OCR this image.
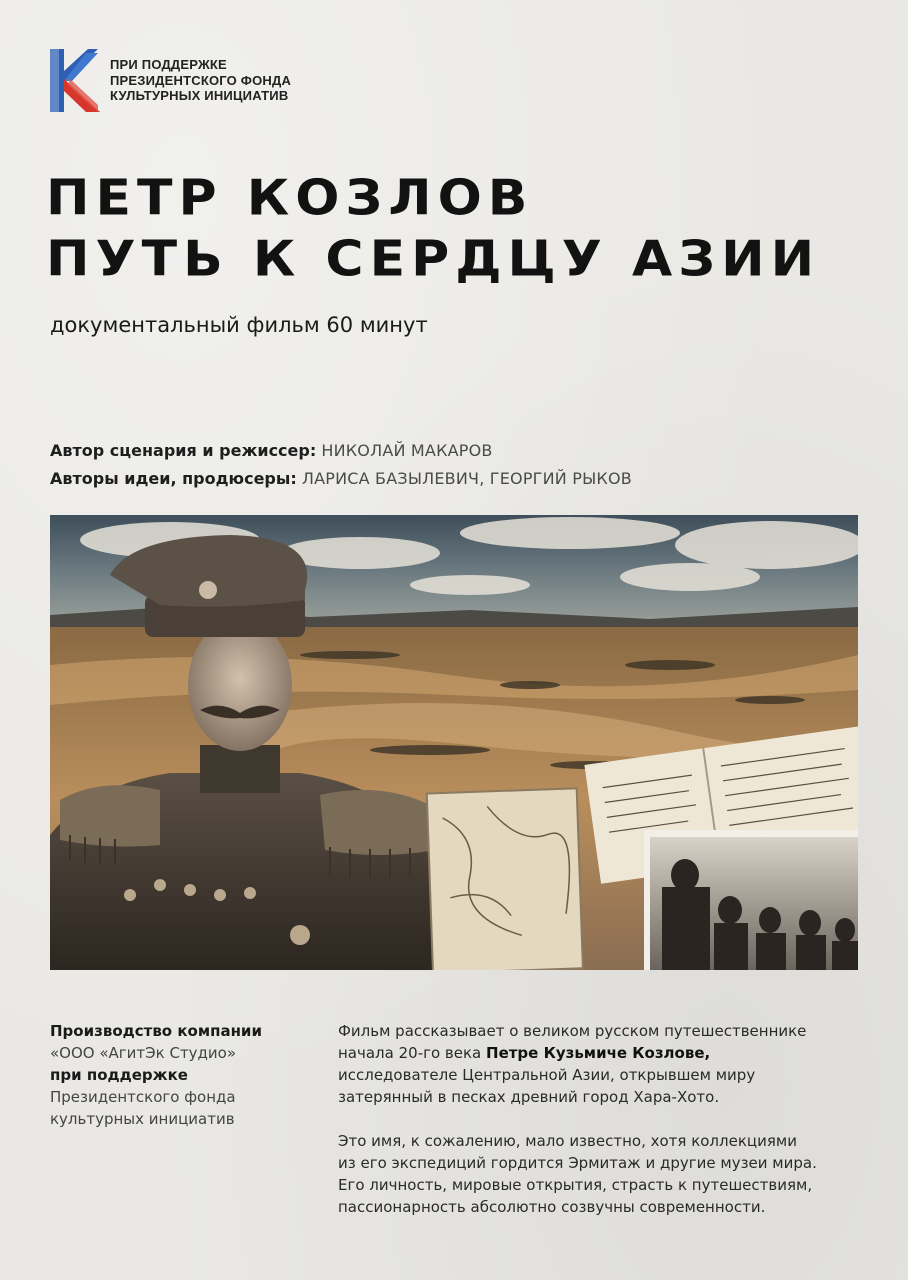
ПРИ ПОДДЕРЖКЕ
ПРЕЗИДЕНТСКОГО ФОНДА
КУЛЬТУРНЫХ ИНИЦИАТИВ
ПЕТР КОЗЛОВ
ПУТЬ К СЕРДЦУ АЗИИ
документальный фильм 60 минут
Автор сценария и режиссер: НИКОЛАЙ МАКАРОВ
Авторы идеи, продюсеры: ЛАРИСА БАЗЫЛЕВИЧ, ГЕОРГИЙ РЫКОВ
Производство компании
«ООО «АгитЭк Студио»
при поддержке
Президентского фонда
культурных инициатив

Фильм рассказывает о великом русском путешественнике
начала 20-го века Петре Кузьмиче Козлове,
исследователе Центральной Азии, открывшем миру
затерянный в песках древний город Хара-Хото.

Это имя, к сожалению, мало известно, хотя коллекциями
из его экспедиций гордится Эрмитаж и другие музеи мира.
Его личность, мировые открытия, страсть к путешествиям,
пассионарность абсолютно созвучны современности.
